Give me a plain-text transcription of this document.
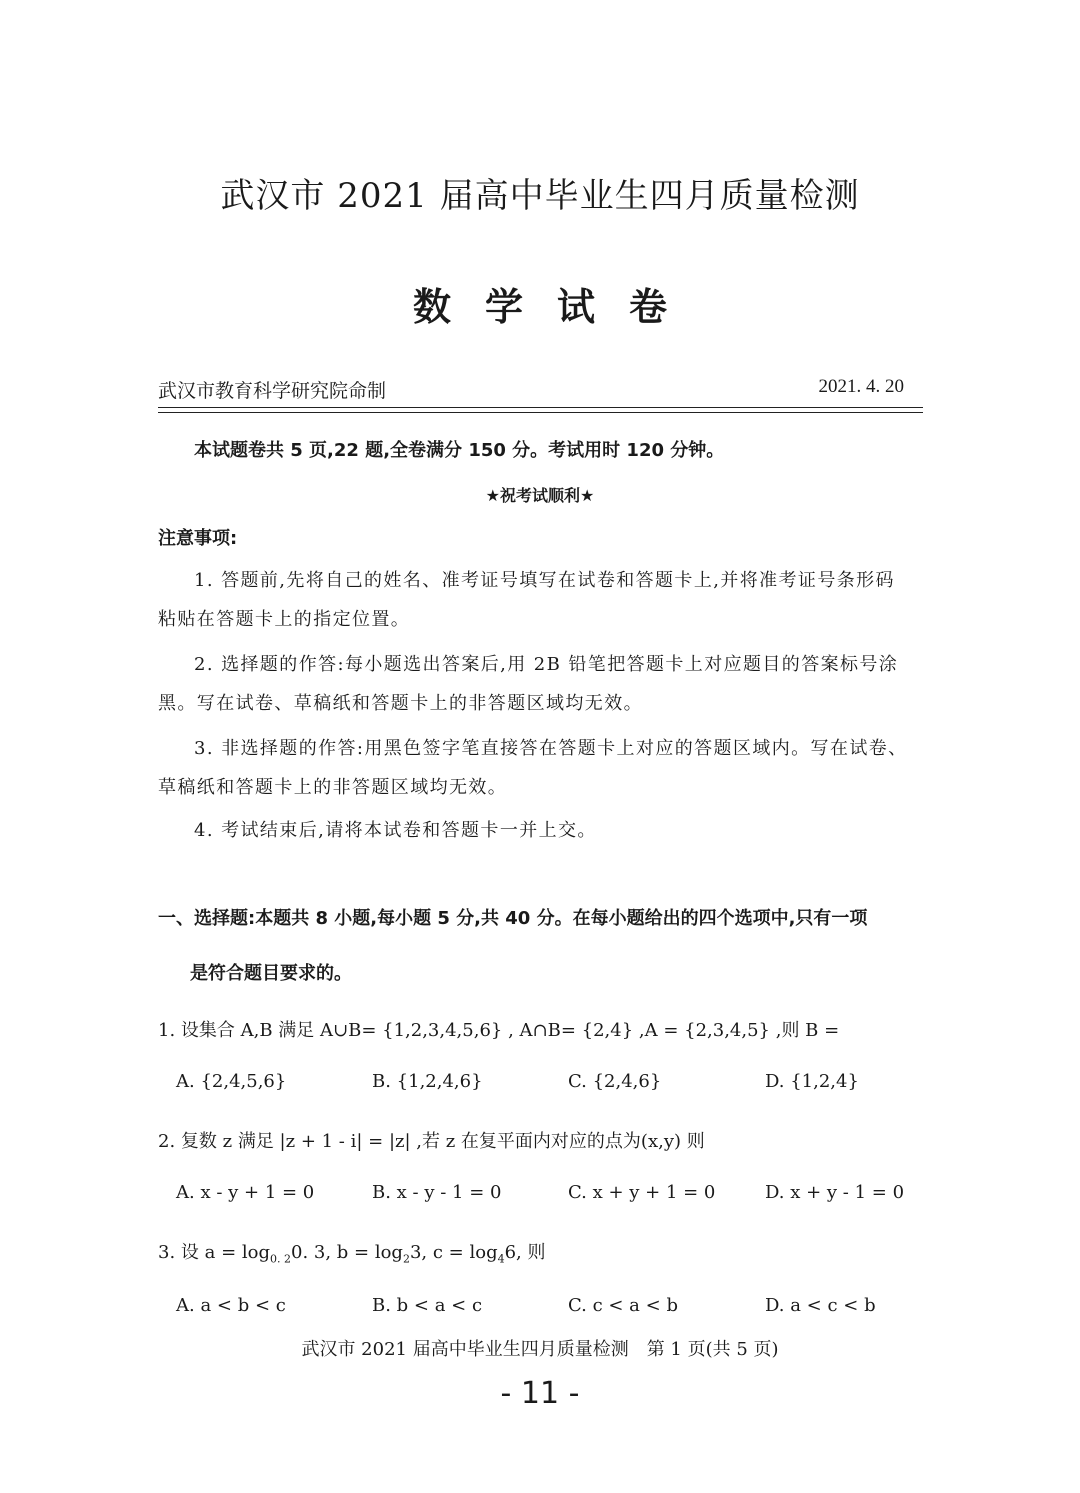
武汉市 2021 届高中毕业生四月质量检测
数学试卷
武汉市教育科学研究院命制	2021. 4. 20
本试题卷共 5 页,22 题,全卷满分 150 分。考试用时 120 分钟。
★祝考试顺利★
注意事项:
1. 答题前,先将自己的姓名、准考证号填写在试卷和答题卡上,并将准考证号条形码
粘贴在答题卡上的指定位置。
2. 选择题的作答:每小题选出答案后,用 2B 铅笔把答题卡上对应题目的答案标号涂
黑。写在试卷、草稿纸和答题卡上的非答题区域均无效。
3. 非选择题的作答:用黑色签字笔直接答在答题卡上对应的答题区域内。写在试卷、
草稿纸和答题卡上的非答题区域均无效。
4. 考试结束后,请将本试卷和答题卡一并上交。
一、选择题:本题共 8 小题,每小题 5 分,共 40 分。在每小题给出的四个选项中,只有一项
是符合题目要求的。
1. 设集合 A,B 满足 A∪B= {1,2,3,4,5,6} , A∩B= {2,4} ,A = {2,3,4,5} ,则 B =
A. {2,4,5,6}	B. {1,2,4,6}	C. {2,4,6}	D. {1,2,4}
2. 复数 z 满足 |z + 1 - i| = |z| ,若 z 在复平面内对应的点为(x,y) 则
A. x - y + 1 = 0	B. x - y - 1 = 0	C. x + y + 1 = 0	D. x + y - 1 = 0
3. 设 $a = \log_{0. 2}0$. 3, $b = \log_23$, $c = \log_46$, 则
A. a < b < c	B. b < a < c	C. c < a < b	D. a < c < b
武汉市 2021 届高中毕业生四月质量检测　第 1 页(共 5 页)
- 11 -
